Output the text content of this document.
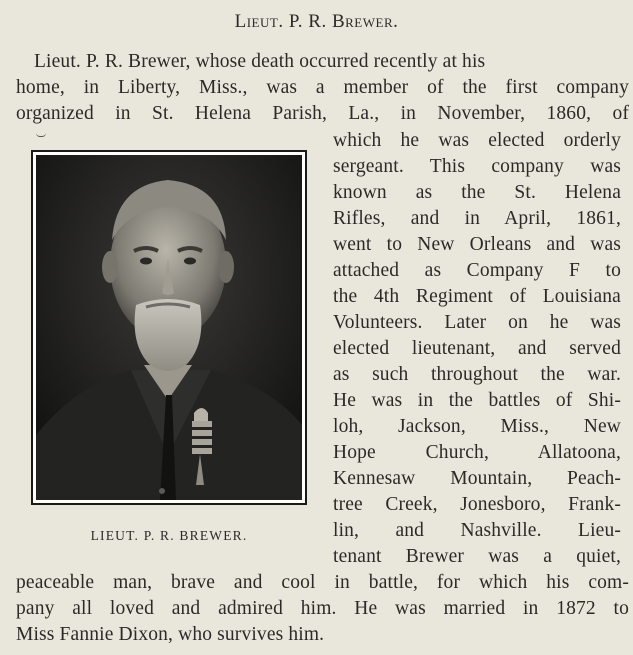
Lieut. P. R. Brewer.
Lieut. P. R. Brewer, whose death occurred recently at his
home, in Liberty, Miss., was a member of the first company
organized in St. Helena Parish, La., in November, 1860, of
which he was elected orderly
sergeant. This company was
known as the St. Helena
Rifles, and in April, 1861,
went to New Orleans and was
attached as Company F to
the 4th Regiment of Louisiana
Volunteers. Later on he was
elected lieutenant, and served
as such throughout the war.
He was in the battles of Shi-
loh, Jackson, Miss., New
Hope Church, Allatoona,
Kennesaw Mountain, Peach-
tree Creek, Jonesboro, Frank-
lin, and Nashville. Lieu-
tenant Brewer was a quiet,
peaceable man, brave and cool in battle, for which his com-
pany all loved and admired him. He was married in 1872 to
Miss Fannie Dixon, who survives him.
LIEUT. P. R. BREWER.
